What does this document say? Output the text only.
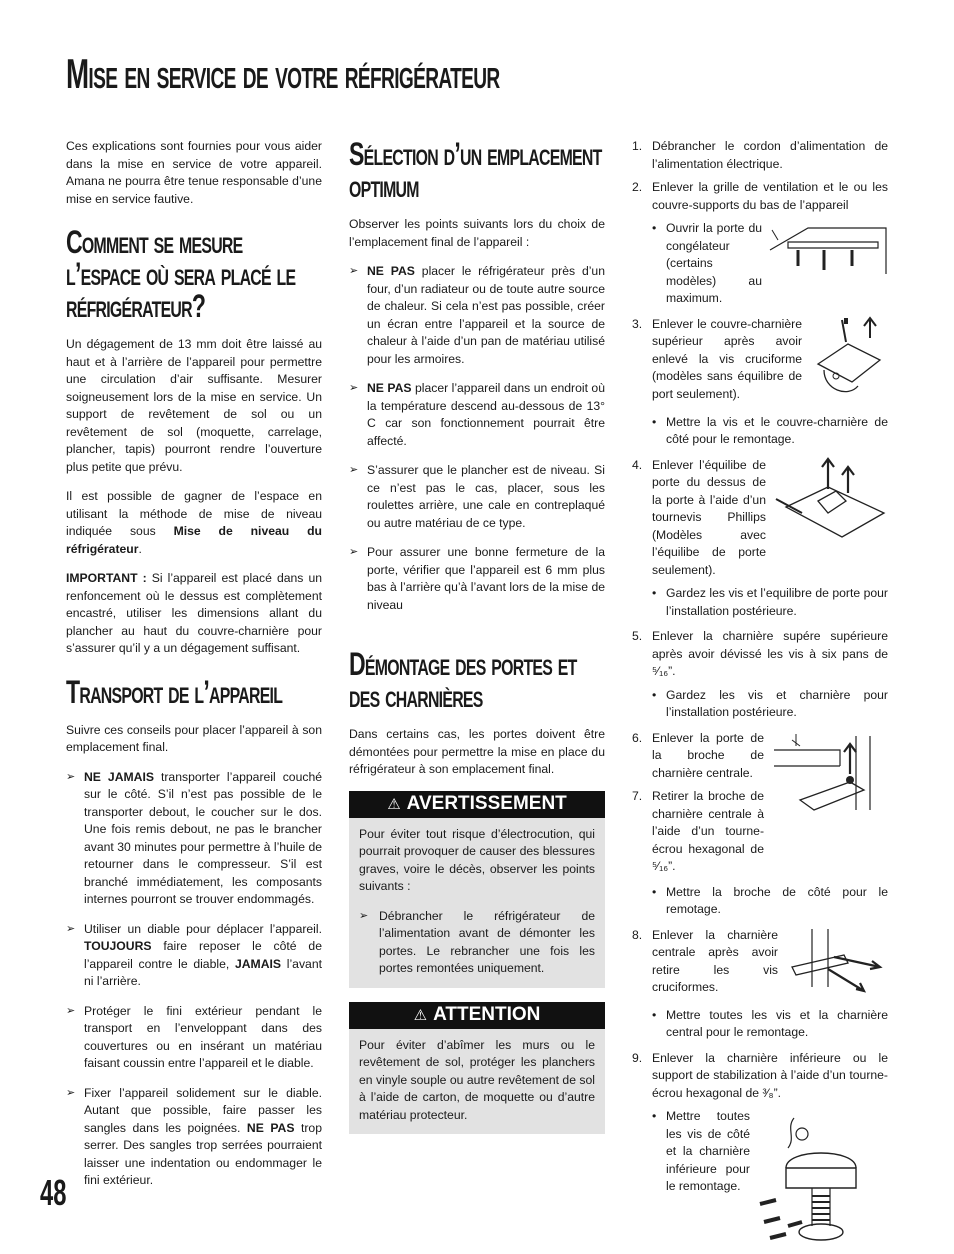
Mise en service de votre réfrigérateur

Ces explications sont fournies pour vous aider dans la mise en service de votre appareil. Amana ne pourra être tenue responsable d’une mise en service fautive.

Comment se mesure l’espace où sera placé le réfrigérateur?

Un dégagement de 13 mm doit être laissé au haut et à l’arrière de l’appareil pour permettre une circulation d’air suffisante. Mesurer soigneusement lors de la mise en service. Un support de revêtement de sol ou un revêtement de sol (moquette, carrelage, plancher, tapis) pourront rendre l’ouverture plus petite que prévu.

Il est possible de gagner de l’espace en utilisant la méthode de mise de niveau indiquée sous Mise de niveau du réfrigérateur.

IMPORTANT : Si l’appareil est placé dans un renfoncement où le dessus est complètement encastré, utiliser les dimensions allant du plancher au haut du couvre-charnière pour s’assurer qu’il y a un dégagement suffisant.

Transport de l’appareil

Suivre ces conseils pour placer l’appareil à son emplacement final.

➢ NE JAMAIS transporter l’appareil couché sur le côté. S’il n’est pas possible de le transporter debout, le coucher sur le dos. Une fois remis debout, ne pas le brancher avant 30 minutes pour permettre à l’huile de retourner dans le compresseur. S’il est branché immédiatement, les composants internes pourront se trouver endommagés.
➢ Utiliser un diable pour déplacer l’appareil. TOUJOURS faire reposer le côté de l’appareil contre le diable, JAMAIS l’avant ni l’arrière.
➢ Protéger le fini extérieur pendant le transport en l’enveloppant dans des couvertures ou en insérant un matériau faisant coussin entre l’appareil et le diable.
➢ Fixer l’appareil solidement sur le diable. Autant que possible, faire passer les sangles dans les poignées. NE PAS trop serrer. Des sangles trop serrées pourraient laisser une indentation ou endommager le fini extérieur.
Sélection d’un emplacement optimum

Observer les points suivants lors du choix de l’emplacement final de l’appareil :

➢ NE PAS placer le réfrigérateur près d’un four, d’un radiateur ou de toute autre source de chaleur. Si cela n’est pas possible, créer un écran entre l’appareil et la source de chaleur à l’aide d’un pan de matériau utilisé pour les armoires.
➢ NE PAS placer l’appareil dans un endroit où la température descend au-dessous de 13° C car son fonctionnement pourrait être affecté.
➢ S’assurer que le plancher est de niveau. Si ce n’est pas le cas, placer, sous les roulettes arrière, une cale en contreplaqué ou autre matériau de ce type.
➢ Pour assurer une bonne fermeture de la porte, vérifier que l’appareil est 6 mm plus bas à l’arrière qu’à l’avant lors de la mise de niveau
Démontage des portes et des charnières

Dans certains cas, les portes doivent être démontées pour permettre la mise en place du réfrigérateur à son emplacement final.

⚠ AVERTISSEMENT

Pour éviter tout risque d’électrocution, qui pourrait provoquer de causer des blessures graves, voire le décès, observer les points suivants :

➢ Débrancher le réfrigérateur de l’alimentation avant de démonter les portes. Le rebrancher une fois les portes remontées uniquement.
⚠ ATTENTION

Pour éviter d’abîmer les murs ou le revêtement de sol, protéger les planchers en vinyle souple ou autre revêtement de sol à l’aide de carton, de moquette ou d’autre matériau protecteur.

1. Débrancher le cordon d’alimentation de l’alimentation électrique.
2. Enlever la grille de ventilation et le ou les couvre-supports du bas de l’appareil
• Ouvrir la porte du congélateur (certains modèles) au maximum.
3. Enlever le couvre-charnière supérieur après avoir enlevé la vis cruciforme (modèles sans équilibre de port seulement).
• Mettre la vis et le couvre-charnière de côté pour le remontage.
4. Enlever l’équilibe de porte du dessus de la porte à l’aide d’un tournevis Phillips (Modèles avec l’équilibe de porte seulement).
• Gardez les vis et l’equilibre de porte pour l’installation postérieure.
5. Enlever la charnière supére supérieure après avoir dévissé les vis à six pans de ⁵⁄₁₆”.
• Gardez les vis et charnière pour l’installation postérieure.
6. Enlever la porte de la broche de charnière centrale.
7. Retirer la broche de charnière centrale à l’aide d’un tourne-écrou hexagonal de ⁵⁄₁₆”.
• Mettre la broche de côté pour le remotage.
8. Enlever la charnière centrale après avoir retire les vis cruciformes.
• Mettre toutes les vis et la charnière central pour le remontage.
9. Enlever la charnière inférieure ou le support de stabilization à l’aide d’un tourne-écrou hexagonal de ³⁄₈”.
• Mettre toutes les vis de côté et la charnière inférieure pour le remontage.
48
